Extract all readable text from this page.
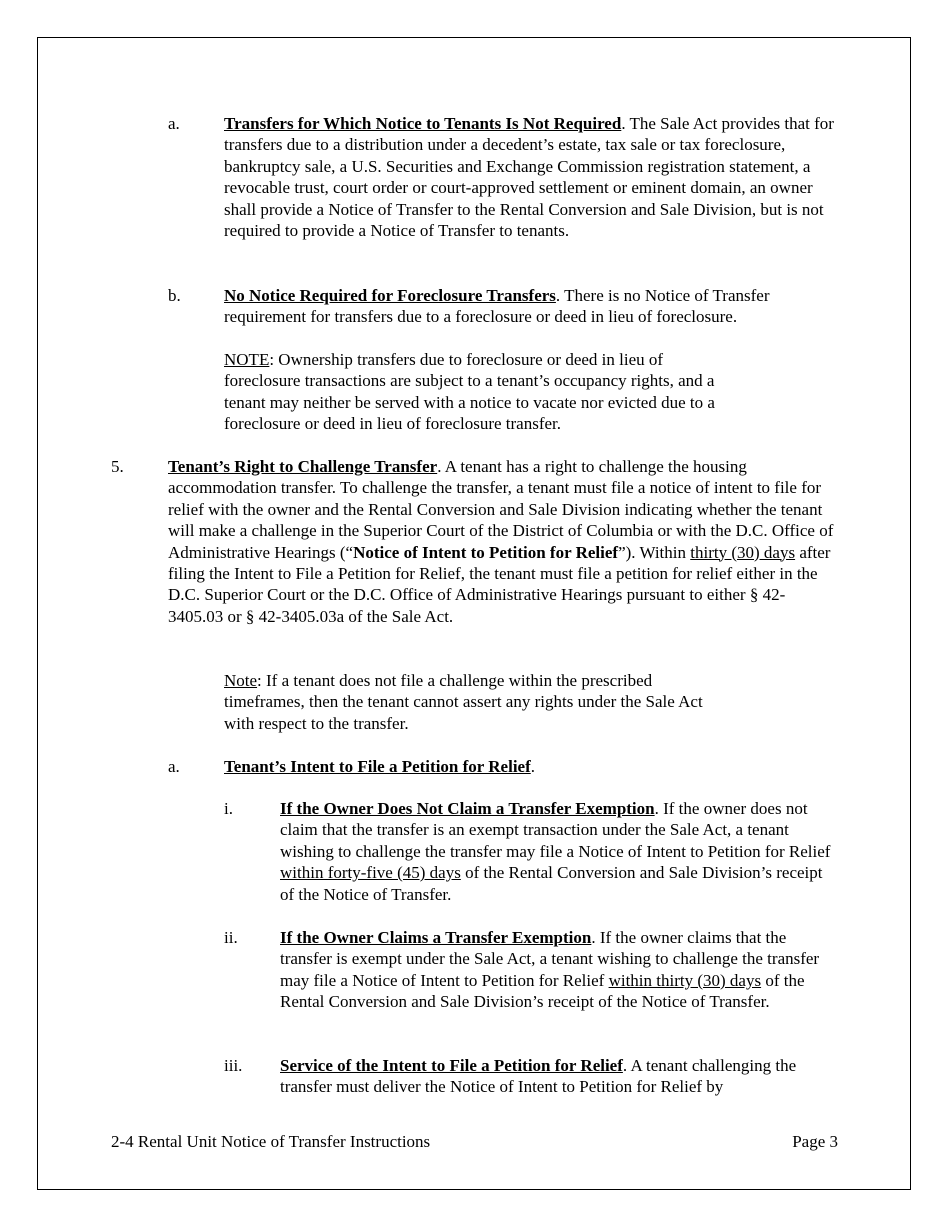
a.	Transfers for Which Notice to Tenants Is Not Required. The Sale Act provides that for transfers due to a distribution under a decedent’s estate, tax sale or tax foreclosure, bankruptcy sale, a U.S. Securities and Exchange Commission registration statement, a revocable trust, court order or court-approved settlement or eminent domain, an owner shall provide a Notice of Transfer to the Rental Conversion and Sale Division, but is not required to provide a Notice of Transfer to tenants.
b.	No Notice Required for Foreclosure Transfers. There is no Notice of Transfer requirement for transfers due to a foreclosure or deed in lieu of foreclosure.
NOTE: Ownership transfers due to foreclosure or deed in lieu of foreclosure transactions are subject to a tenant’s occupancy rights, and a tenant may neither be served with a notice to vacate nor evicted due to a foreclosure or deed in lieu of foreclosure transfer.
5.	Tenant’s Right to Challenge Transfer. A tenant has a right to challenge the housing accommodation transfer. To challenge the transfer, a tenant must file a notice of intent to file for relief with the owner and the Rental Conversion and Sale Division indicating whether the tenant will make a challenge in the Superior Court of the District of Columbia or with the D.C. Office of Administrative Hearings (“Notice of Intent to Petition for Relief”). Within thirty (30) days after filing the Intent to File a Petition for Relief, the tenant must file a petition for relief either in the D.C. Superior Court or the D.C. Office of Administrative Hearings pursuant to either § 42-3405.03 or § 42-3405.03a of the Sale Act.
Note: If a tenant does not file a challenge within the prescribed timeframes, then the tenant cannot assert any rights under the Sale Act with respect to the transfer.
a.	Tenant’s Intent to File a Petition for Relief.
i.	If the Owner Does Not Claim a Transfer Exemption. If the owner does not claim that the transfer is an exempt transaction under the Sale Act, a tenant wishing to challenge the transfer may file a Notice of Intent to Petition for Relief within forty-five (45) days of the Rental Conversion and Sale Division’s receipt of the Notice of Transfer.
ii. If the Owner Claims a Transfer Exemption. If the owner claims that the transfer is exempt under the Sale Act, a tenant wishing to challenge the transfer may file a Notice of Intent to Petition for Relief within thirty (30) days of the Rental Conversion and Sale Division’s receipt of the Notice of Transfer.
iii. Service of the Intent to File a Petition for Relief. A tenant challenging the transfer must deliver the Notice of Intent to Petition for Relief by
2-4 Rental Unit Notice of Transfer Instructions	Page 3
